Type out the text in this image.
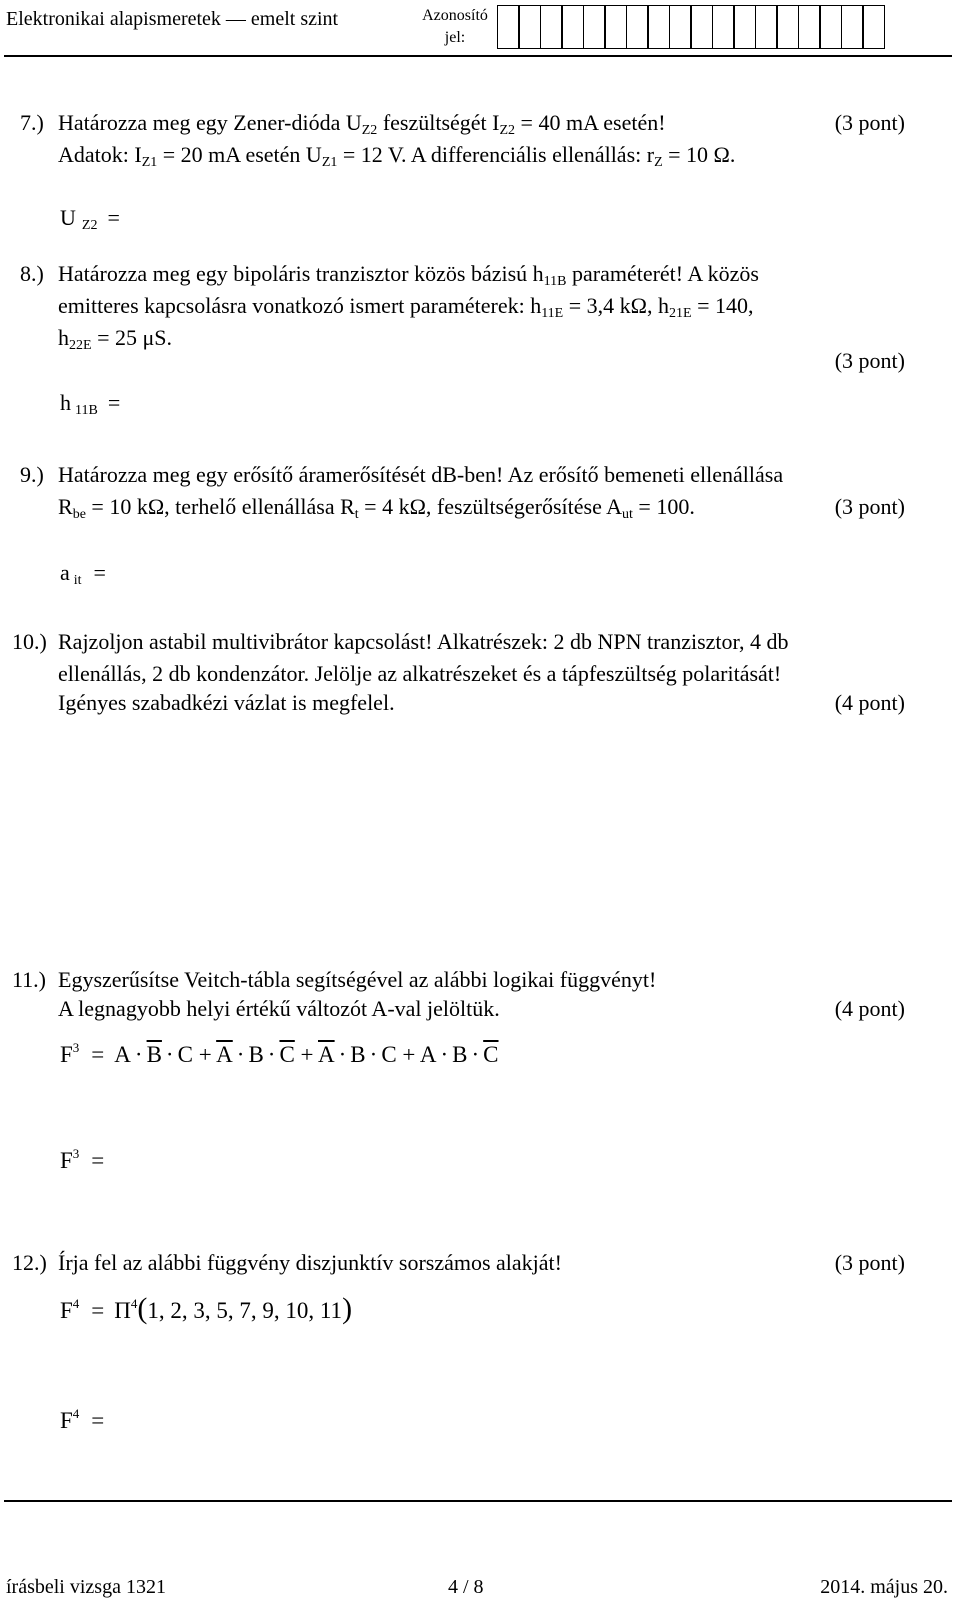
Elektronikai alapismeretek — emelt szint	Azonosító
jel:
7.) Határozza meg egy Zener-dióda $U_{Z2}$ feszültségét $I_{Z2} = 40$ mA esetén!	(3 pont)
Adatok: $I_{Z1} = 20$ mA esetén $U_{Z1} = 12$ V. A differenciális ellenállás: $r_Z = 10$ Ω.
U $_{Z2}$ =
8.) Határozza meg egy bipoláris tranzisztor közös bázisú $h_{11B}$ paraméterét! A közös
emitteres kapcsolásra vonatkozó ismert paraméterek: $h_{11E} = 3,4$ kΩ, $h_{21E} = 140$,
$h_{22E} = 25$ μS.
(3 pont)
h $_{11B}$ =
9.) Határozza meg egy erősítő áramerősítését dB-ben! Az erősítő bemeneti ellenállása
$R_{be} = 10$ kΩ, terhelő ellenállása $R_t = 4$ kΩ, feszültségerősítése $A_{ut} = 100$.	(3 pont)
a $_{it}$ =
10.) Rajzoljon astabil multivibrátor kapcsolást! Alkatrészek: 2 db NPN tranzisztor, 4 db
ellenállás, 2 db kondenzátor. Jelölje az alkatrészeket és a tápfeszültség polaritását!
Igényes szabadkézi vázlat is megfelel.	(4 pont)
11.) Egyszerűsítse Veitch-tábla segítségével az alábbi logikai függvényt!
A legnagyobb helyi értékű változót A-val jelöltük.	(4 pont)
$F^3 = A \cdot \overline{B} \cdot C + \overline{A} \cdot B \cdot \overline{C} + \overline{A} \cdot B \cdot C + A \cdot B \cdot \overline{C}$
$F^3$ =
12.) Írja fel az alábbi függvény diszjunktív sorszámos alakját!	(3 pont)
$F^4 = \Pi^4(1$, 2, 3, 5, 7, 9, 10, 11)
$F^4$ =
írásbeli vizsga 1321	4 / 8	2014. május 20.
